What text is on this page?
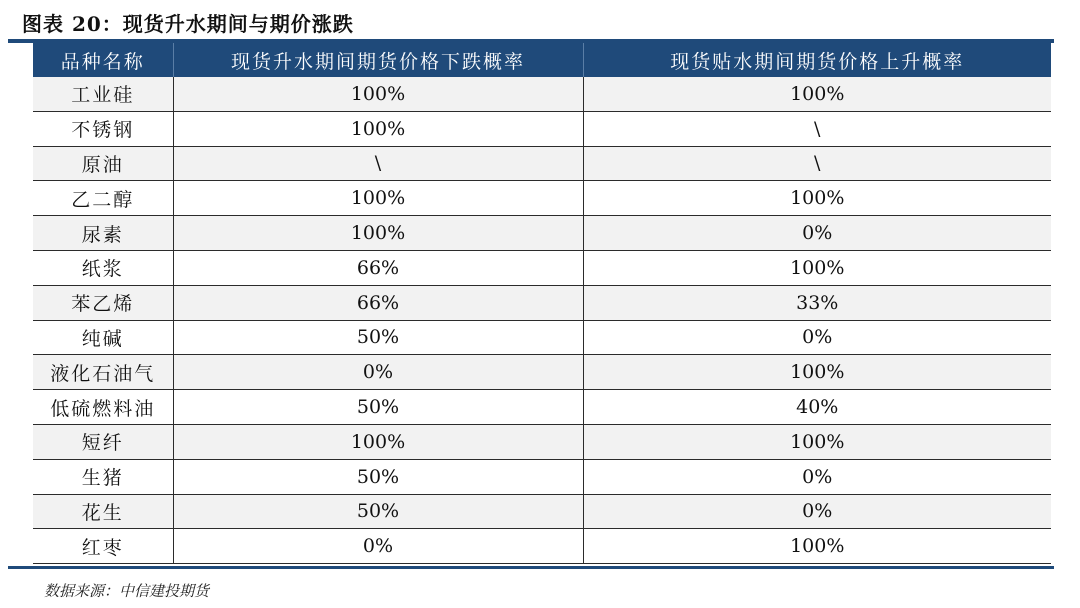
图表 20：现货升水期间与期价涨跌
品种名称	现货升水期间期货价格下跌概率	现货贴水期间期货价格上升概率
工业硅	100%	100%
不锈钢	100%	\
原油	\	\
乙二醇	100%	100%
尿素	100%	0%
纸浆	66%	100%
苯乙烯	66%	33%
纯碱	50%	0%
液化石油气	0%	100%
低硫燃料油	50%	40%
短纤	100%	100%
生猪	50%	0%
花生	50%	0%
红枣	0%	100%
数据来源：中信建投期货
